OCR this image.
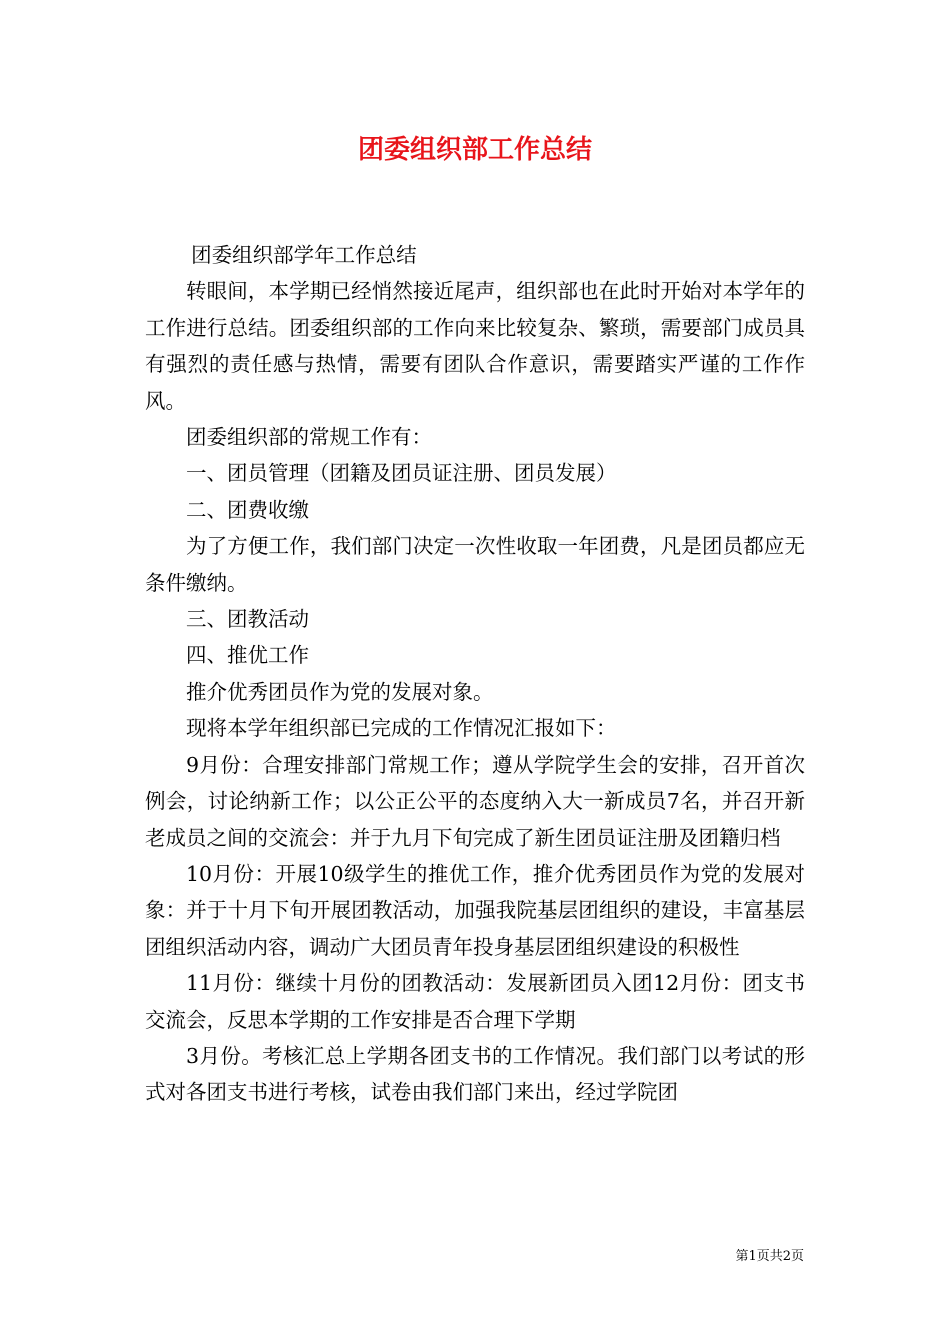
团委组织部工作总结

团委组织部学年工作总结

转眼间，本学期已经悄然接近尾声，组织部也在此时开始对本学年的工作进行总结。团委组织部的工作向来比较复杂、繁琐，需要部门成员具有强烈的责任感与热情，需要有团队合作意识，需要踏实严谨的工作作风。

团委组织部的常规工作有：

一、团员管理（团籍及团员证注册、团员发展）

二、团费收缴

为了方便工作，我们部门决定一次性收取一年团费，凡是团员都应无条件缴纳。

三、团教活动

四、推优工作

推介优秀团员作为党的发展对象。

现将本学年组织部已完成的工作情况汇报如下：

9月份：合理安排部门常规工作；遵从学院学生会的安排，召开首次例会，讨论纳新工作；以公正公平的态度纳入大一新成员7名，并召开新老成员之间的交流会：并于九月下旬完成了新生团员证注册及团籍归档

10月份：开展10级学生的推优工作，推介优秀团员作为党的发展对象：并于十月下旬开展团教活动，加强我院基层团组织的建设，丰富基层团组织活动内容，调动广大团员青年投身基层团组织建设的积极性

11月份：继续十月份的团教活动：发展新团员入团12月份：团支书交流会，反思本学期的工作安排是否合理下学期

3月份。考核汇总上学期各团支书的工作情况。我们部门以考试的形式对各团支书进行考核，试卷由我们部门来出，经过学院团

第1页共2页
